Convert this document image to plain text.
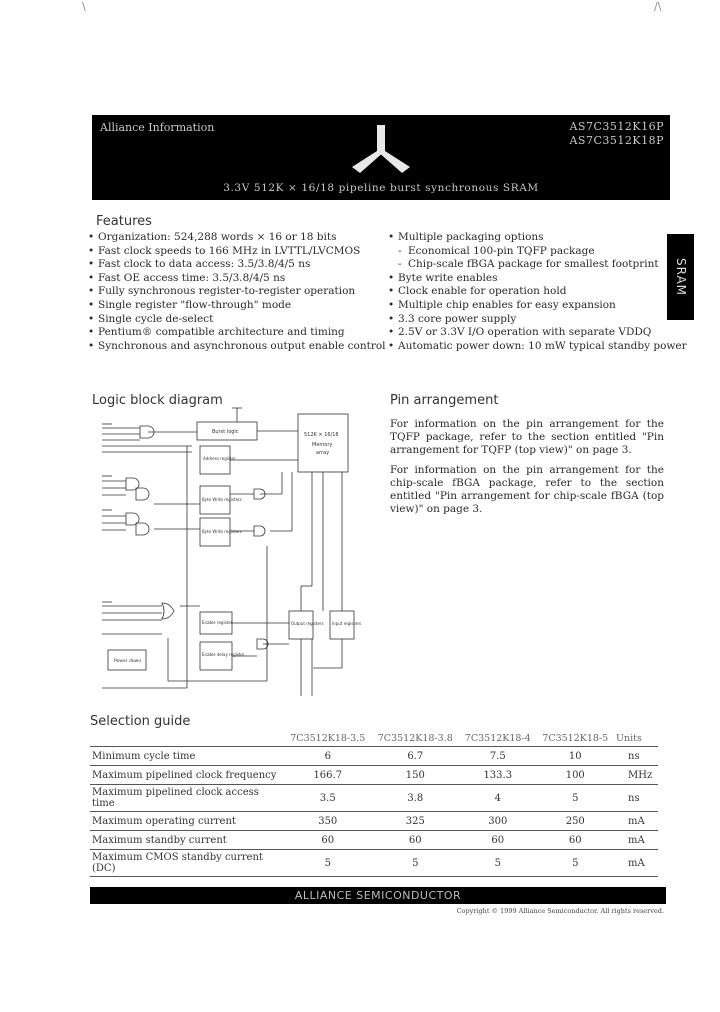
\	/\
Alliance Information	AS7C3512K16P
AS7C3512K18P
3.3V 512K × 16/18 pipeline burst synchronous SRAM
SRAM
Features
• Organization: 524,288 words × 16 or 18 bits
• Fast clock speeds to 166 MHz in LVTTL/LVCMOS
• Fast clock to data access: 3.5/3.8/4/5 ns
• Fast OE access time: 3.5/3.8/4/5 ns
• Fully synchronous register-to-register operation
• Single register "flow-through" mode
• Single cycle de-select
• Pentium® compatible architecture and timing
• Synchronous and asynchronous output enable control
• Multiple packaging options
- Economical 100-pin TQFP package
- Chip-scale fBGA package for smallest footprint
• Byte write enables
• Clock enable for operation hold
• Multiple chip enables for easy expansion
• 3.3 core power supply
• 2.5V or 3.3V I/O operation with separate VDDQ
• Automatic power down: 10 mW typical standby power
Logic block diagram
Burst logic
Address register
Byte Write registers
Byte Write registers
512K × 16/18
Memory
array
Enable register
Enable delay register
Power down
Output registers Input registers
Pin arrangement
For information on the pin arrangement for the TQFP package, refer to the section entitled "Pin arrangement for TQFP (top view)" on page 3.
For information on the pin arrangement for the chip-scale fBGA package, refer to the section entitled "Pin arrangement for chip-scale fBGA (top view)" on page 3.
Selection guide
	7C3512K18-3.5	7C3512K18-3.8	7C3512K18-4	7C3512K18-5	Units
Minimum cycle time	6	6.7	7.5	10	ns
Maximum pipelined clock frequency	166.7	150	133.3	100	MHz
Maximum pipelined clock access time	3.5	3.8	4	5	ns
Maximum operating current	350	325	300	250	mA
Maximum standby current	60	60	60	60	mA
Maximum CMOS standby current (DC)	5	5	5	5	mA
ALLIANCE SEMICONDUCTOR
Copyright © 1999 Alliance Semiconductor. All rights reserved.
